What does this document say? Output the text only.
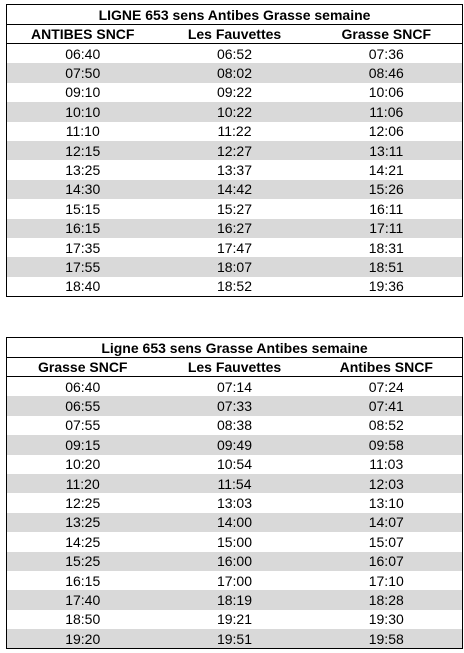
LIGNE 653 sens Antibes Grasse semaine		
ANTIBES SNCF	Les Fauvettes	Grasse SNCF
06:40	06:52	07:36
07:50	08:02	08:46
09:10	09:22	10:06
10:10	10:22	11:06
11:10	11:22	12:06
12:15	12:27	13:11
13:25	13:37	14:21
14:30	14:42	15:26
15:15	15:27	16:11
16:15	16:27	17:11
17:35	17:47	18:31
17:55	18:07	18:51
18:40	18:52	19:36
Ligne 653 sens Grasse Antibes semaine		
Grasse SNCF	Les Fauvettes	Antibes SNCF
06:40	07:14	07:24
06:55	07:33	07:41
07:55	08:38	08:52
09:15	09:49	09:58
10:20	10:54	11:03
11:20	11:54	12:03
12:25	13:03	13:10
13:25	14:00	14:07
14:25	15:00	15:07
15:25	16:00	16:07
16:15	17:00	17:10
17:40	18:19	18:28
18:50	19:21	19:30
19:20	19:51	19:58
